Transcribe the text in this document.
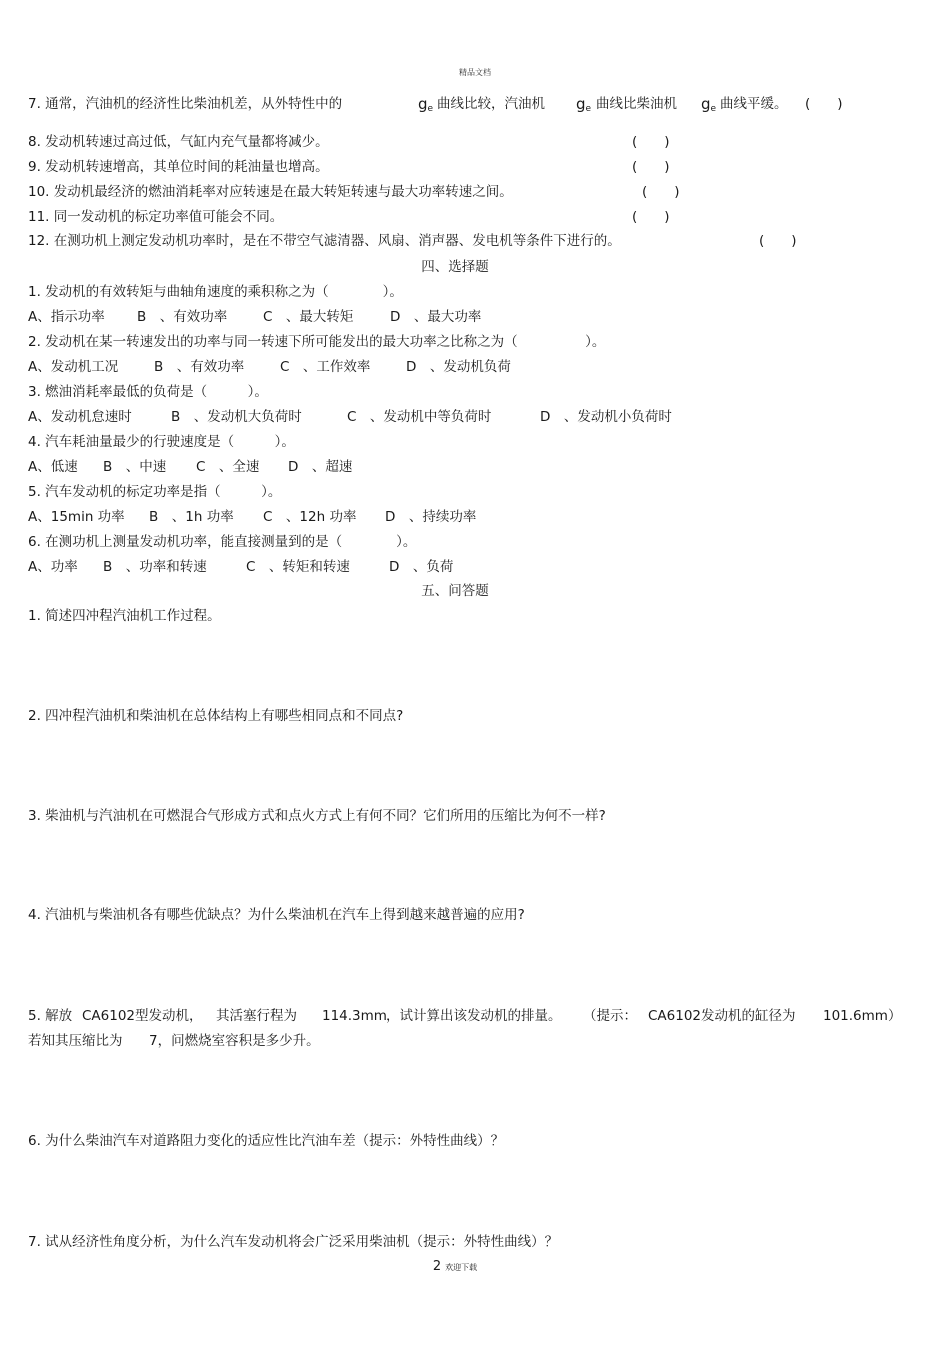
精品文档
7. 通常，汽油机的经济性比柴油机差，从外特性中的	$g_e$ 曲线比较，汽油机 $g_e$ 曲线比柴油机 $g_e$ 曲线平缓。 (　　)
8. 发动机转速过高过低，气缸内充气量都将减少。	(　　)
9. 发动机转速增高，其单位时间的耗油量也增高。	(　　)
10. 发动机最经济的燃油消耗率对应转速是在最大转矩转速与最大功率转速之间。	(　　)
11. 同一发动机的标定功率值可能会不同。	(　　)
12. 在测功机上测定发动机功率时，是在不带空气滤清器、风扇、消声器、发电机等条件下进行的。	(　　)
四、选择题
1. 发动机的有效转矩与曲轴角速度的乘积称之为（　　　　）。
A、指示功率 B　、有效功率	C　、最大转矩	D　、最大功率
2. 发动机在某一转速发出的功率与同一转速下所可能发出的最大功率之比称之为（　　　　　）。
A、发动机工况	B　、有效功率	C　、工作效率	D　、发动机负荷
3. 燃油消耗率最低的负荷是（　　　）。
A、发动机怠速时	B　、发动机大负荷时	C　、发动机中等负荷时	D　、发动机小负荷时
4. 汽车耗油量最少的行驶速度是（　　　）。
A、低速 B　、中速 C　、全速 D　、超速
5. 汽车发动机的标定功率是指（　　　）。
A、15min 功率 B　、1h 功率 C　、12h 功率 D　、持续功率
6. 在测功机上测量发动机功率，能直接测量到的是（　　　　）。
A、功率 B　、功率和转速	C　、转矩和转速	D　、负荷
五、问答题
1. 简述四冲程汽油机工作过程。
2. 四冲程汽油机和柴油机在总体结构上有哪些相同点和不同点?
3. 柴油机与汽油机在可燃混合气形成方式和点火方式上有何不同？它们所用的压缩比为何不一样?
4. 汽油机与柴油机各有哪些优缺点？为什么柴油机在汽车上得到越来越普遍的应用?
5. 解放 CA6102型发动机， 其活塞行程为 114.3mm ，试计算出该发动机的排量。 （提示： CA6102发动机的缸径为 101.6mm）
若知其压缩比为 7，问燃烧室容积是多少升。
6. 为什么柴油汽车对道路阻力变化的适应性比汽油车差（提示：外特性曲线）？
7. 试从经济性角度分析，为什么汽车发动机将会广泛采用柴油机（提示：外特性曲线）？
2 欢迎下载
